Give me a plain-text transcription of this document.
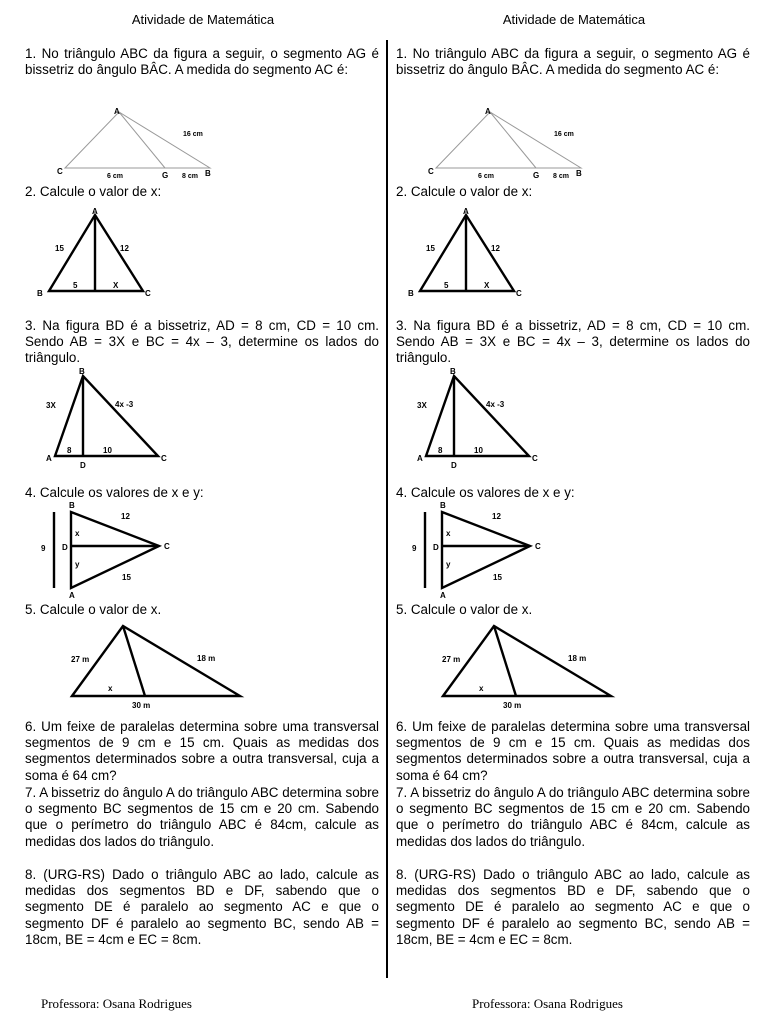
Atividade de Matemática

1. No triângulo ABC da figura a seguir, o segmento AG é bissetriz do ângulo BÂC. A medida do segmento AC é:

A
C	G	B
16 cm
6 cm	8 cm

2. Calcule o valor de x:

A
B	C
15	12
5	X

3. Na figura BD é a bissetriz, AD = 8 cm, CD = 10 cm. Sendo AB = 3X e BC = 4x – 3, determine os lados do triângulo.

B
A	C
D
3X	4x -3
8	10

4. Calcule os valores de x e y:

B
A
C
D
9
12
15
x
y

5. Calcule o valor de x.

27 m	18 m
30 m
x

6. Um feixe de paralelas determina sobre uma transversal segmentos de 9 cm e 15 cm. Quais as medidas dos segmentos determinados sobre a outra transversal, cuja a soma é 64 cm?

7. A bissetriz do ângulo A do triângulo ABC determina sobre o segmento BC segmentos de 15 cm e 20 cm. Sabendo que o perímetro do triângulo ABC é 84cm, calcule as medidas dos lados do triângulo.

8. (URG-RS) Dado o triângulo ABC ao lado, calcule as medidas dos segmentos BD e DF, sabendo que o segmento DE é paralelo ao segmento AC e que o segmento DF é paralelo ao segmento BC, sendo AB = 18cm, BE = 4cm e EC = 8cm.

Professora: Osana Rodrigues
Atividade de Matemática

1. No triângulo ABC da figura a seguir, o segmento AG é bissetriz do ângulo BÂC. A medida do segmento AC é:

A
C	G	B
16 cm
6 cm	8 cm

2. Calcule o valor de x:

A
B	C
15	12
5	X

3. Na figura BD é a bissetriz, AD = 8 cm, CD = 10 cm. Sendo AB = 3X e BC = 4x – 3, determine os lados do triângulo.

B
A	C
D
3X	4x -3
8	10

4. Calcule os valores de x e y:

B
A
C
D
9
12
15
x
y

5. Calcule o valor de x.

27 m	18 m
30 m
x

6. Um feixe de paralelas determina sobre uma transversal segmentos de 9 cm e 15 cm. Quais as medidas dos segmentos determinados sobre a outra transversal, cuja a soma é 64 cm?

7. A bissetriz do ângulo A do triângulo ABC determina sobre o segmento BC segmentos de 15 cm e 20 cm. Sabendo que o perímetro do triângulo ABC é 84cm, calcule as medidas dos lados do triângulo.

8. (URG-RS) Dado o triângulo ABC ao lado, calcule as medidas dos segmentos BD e DF, sabendo que o segmento DE é paralelo ao segmento AC e que o segmento DF é paralelo ao segmento BC, sendo AB = 18cm, BE = 4cm e EC = 8cm.

Professora: Osana Rodrigues
